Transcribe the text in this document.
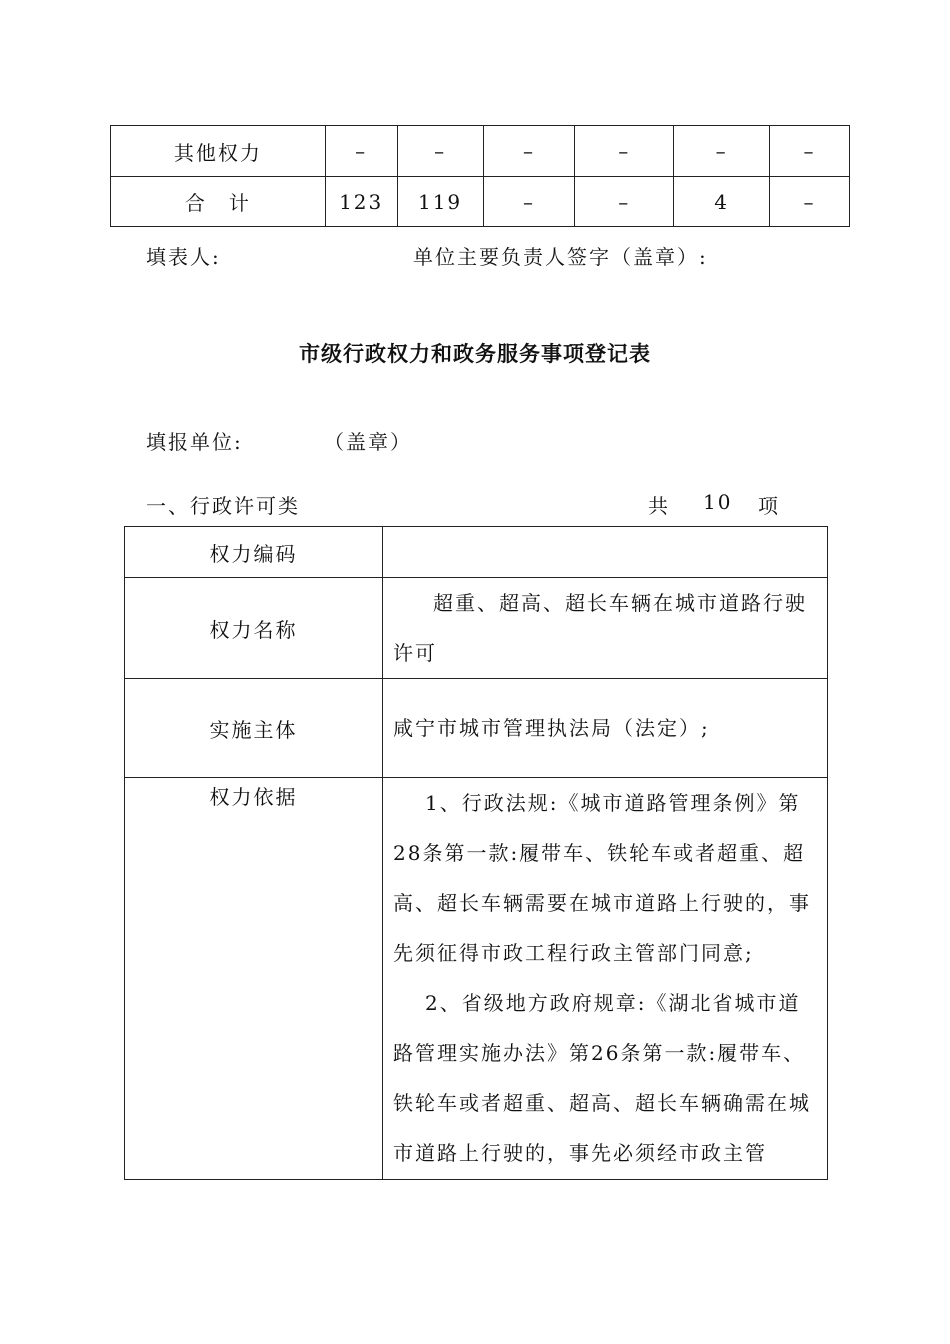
其他权力	–	–	–	–	–	–
合　计	123	119	–	–	4	–
填表人:	单位主要负责人签字（盖章）:
市级行政权力和政务服务事项登记表
填报单位:	（盖章）
一、行政许可类	共 10 项
权力编码	
权力名称	超重、超高、超长车辆在城市道路行驶许可
实施主体	咸宁市城市管理执法局（法定）;
权力依据	1、行政法规:《城市道路管理条例》第28条第一款:履带车、铁轮车或者超重、超高、超长车辆需要在城市道路上行驶的，事先须征得市政工程行政主管部门同意;
2、省级地方政府规章:《湖北省城市道路管理实施办法》第26条第一款:履带车、铁轮车或者超重、超高、超长车辆确需在城市道路上行驶的，事先必须经市政主管
